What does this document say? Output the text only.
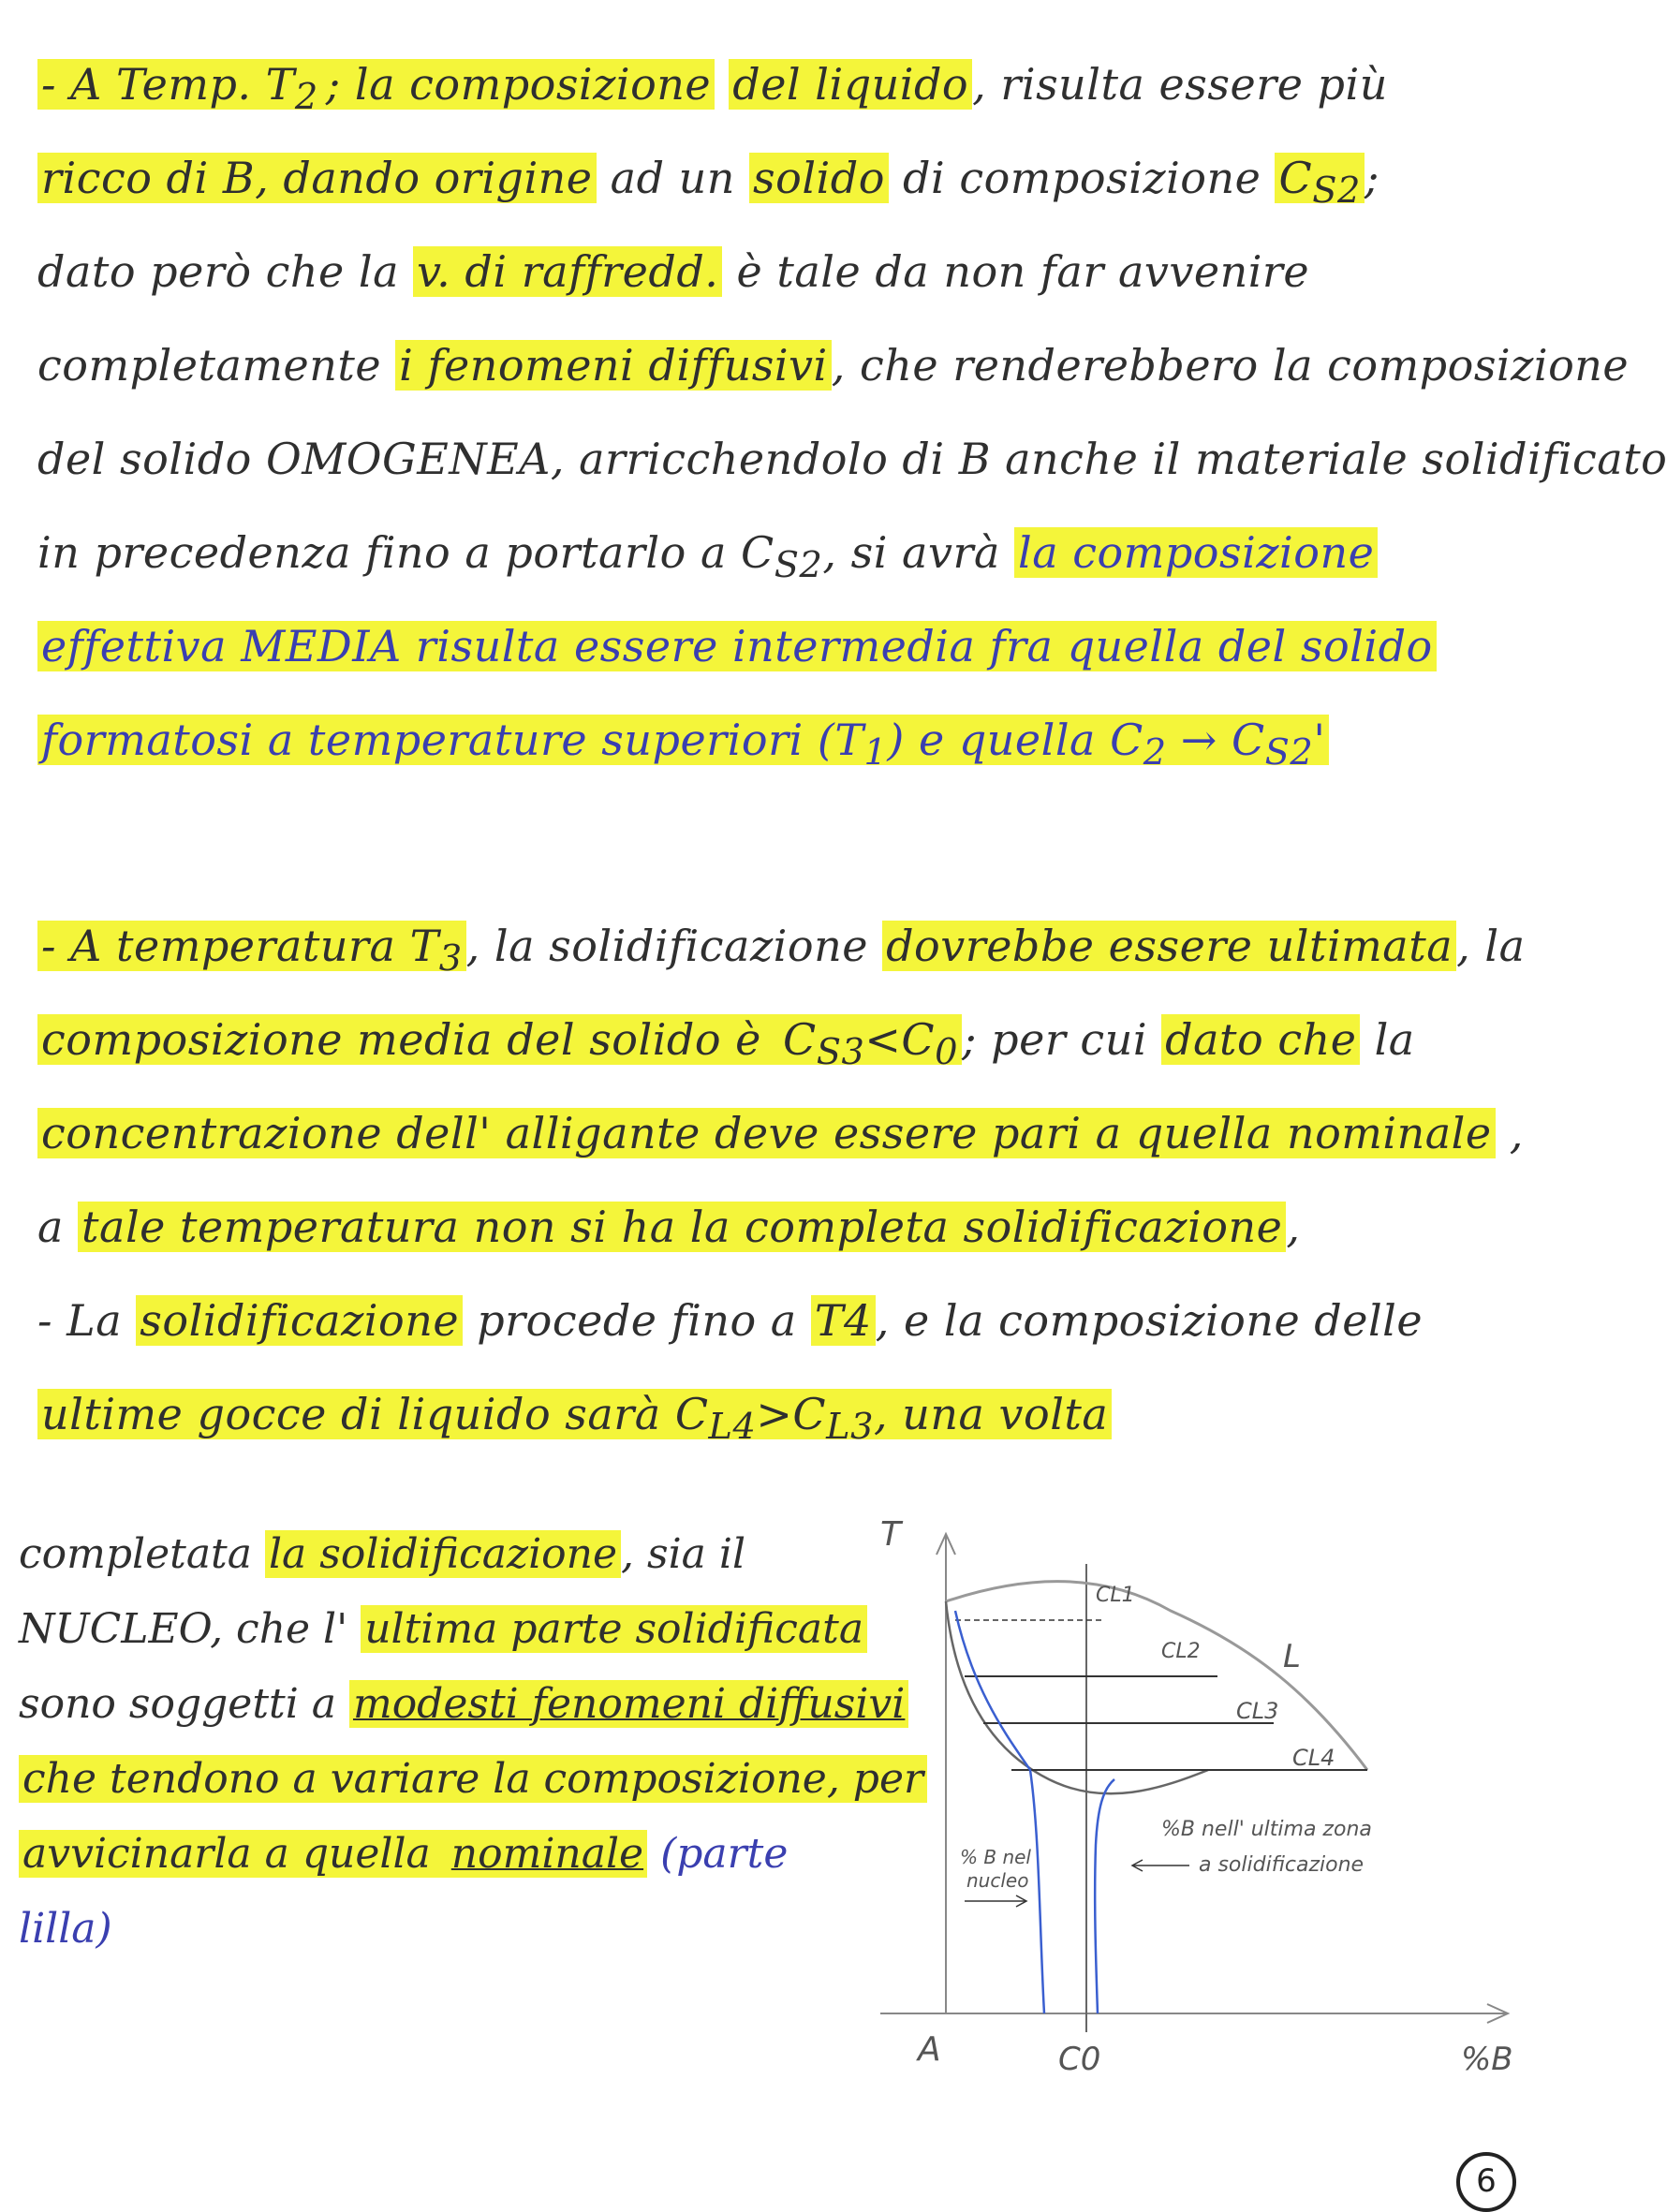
- A Temp. $T_2$ ; la composizione del liquido, risulta essere più
ricco di B, dando origine ad un solido di composizione $C_{S2}$;
dato però che la v. di raffredd. è tale da non far avvenire
completamente i fenomeni diffusivi, che renderebbero la composizione
del solido OMOGENEA, arricchendolo di B anche il materiale solidificato
in precedenza fino a portarlo a $C_{S2}$, si avrà la composizione
effettiva MEDIA risulta essere intermedia fra quella del solido
formatosi a temperature superiori $(T_1)$ e quella $C_2 \to C_{S2}'$
- A temperatura $T_3$, la solidificazione dovrebbe essere ultimata, la
composizione media del solido è $C_{S3}<C_0$; per cui dato che la
concentrazione dell' alligante deve essere pari a quella nominale ,
a tale temperatura non si ha la completa solidificazione,
- La solidificazione procede fino a T4, e la composizione delle
ultime gocce di liquido sarà $C_{L4}>C_{L3}$, una volta
completata la solidificazione, sia il
NUCLEO, che l' ultima parte solidificata
sono soggetti a modesti fenomeni diffusivi
che tendono a variare la composizione, per
avvicinarla a quella nominale (parte
lilla)
T
%B
A	C0
L
CL1
CL2
CL3
CL4
% B nel
nucleo
%B nell' ultima zona
a solidificazione
6
